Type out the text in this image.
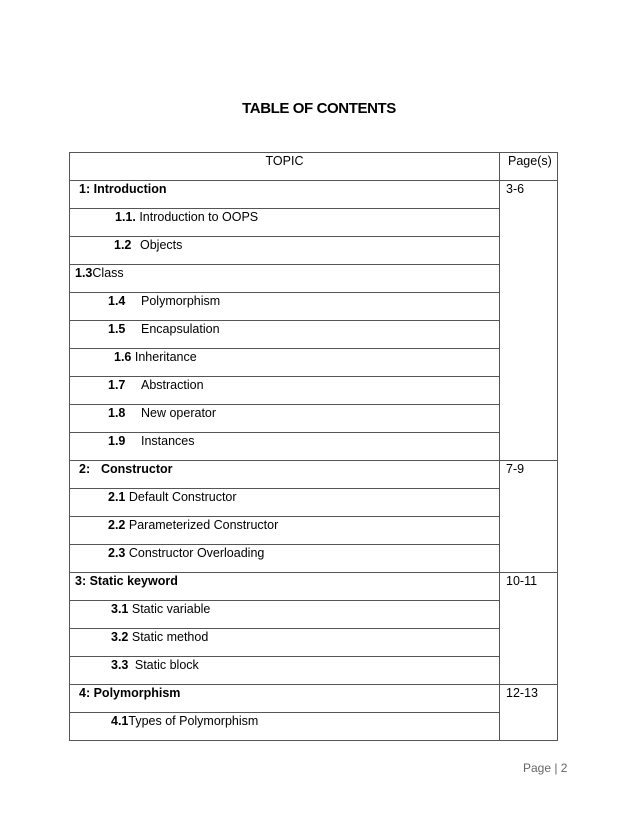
TABLE OF CONTENTS
TOPIC	Page(s)

1: Introduction	3-6

1.1. Introduction to OOPS	

1.2 Objects	

1.3Class	

1.4 Polymorphism	

1.5 Encapsulation	

1.6 Inheritance	

1.7 Abstraction	

1.8 New operator	

1.9 Instances	

2: Constructor	7-9

2.1 Default Constructor	

2.2 Parameterized Constructor	

2.3 Constructor Overloading	

3: Static keyword	10-11

3.1 Static variable	

3.2 Static method	

3.3 Static block	

4: Polymorphism	12-13

4.1Types of Polymorphism	
Page | 2
